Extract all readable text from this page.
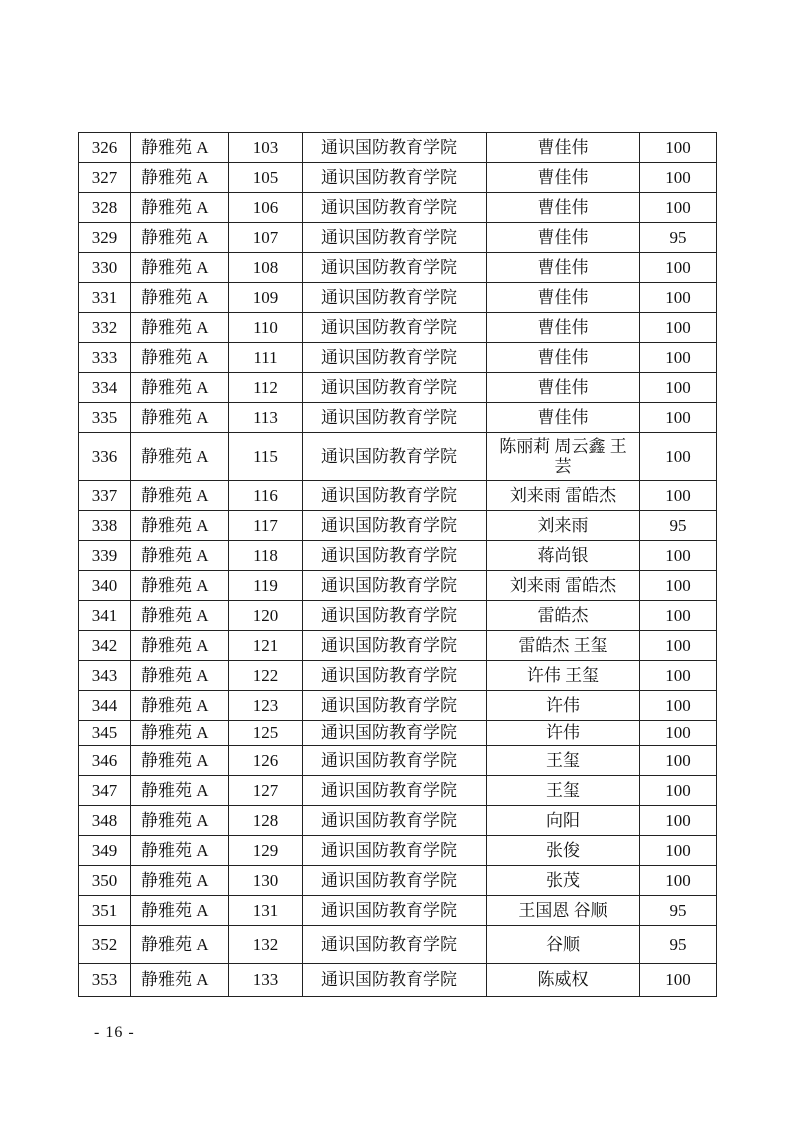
326	静雅苑 A	103	通识国防教育学院	曹佳伟	100
327	静雅苑 A	105	通识国防教育学院	曹佳伟	100
328	静雅苑 A	106	通识国防教育学院	曹佳伟	100
329	静雅苑 A	107	通识国防教育学院	曹佳伟	95
330	静雅苑 A	108	通识国防教育学院	曹佳伟	100
331	静雅苑 A	109	通识国防教育学院	曹佳伟	100
332	静雅苑 A	110	通识国防教育学院	曹佳伟	100
333	静雅苑 A	111	通识国防教育学院	曹佳伟	100
334	静雅苑 A	112	通识国防教育学院	曹佳伟	100
335	静雅苑 A	113	通识国防教育学院	曹佳伟	100
336	静雅苑 A	115	通识国防教育学院	陈丽莉 周云鑫 王芸	100
337	静雅苑 A	116	通识国防教育学院	刘来雨 雷皓杰	100
338	静雅苑 A	117	通识国防教育学院	刘来雨	95
339	静雅苑 A	118	通识国防教育学院	蒋尚银	100
340	静雅苑 A	119	通识国防教育学院	刘来雨 雷皓杰	100
341	静雅苑 A	120	通识国防教育学院	雷皓杰	100
342	静雅苑 A	121	通识国防教育学院	雷皓杰 王玺	100
343	静雅苑 A	122	通识国防教育学院	许伟 王玺	100
344	静雅苑 A	123	通识国防教育学院	许伟	100
345	静雅苑 A	125	通识国防教育学院	许伟	100
346	静雅苑 A	126	通识国防教育学院	王玺	100
347	静雅苑 A	127	通识国防教育学院	王玺	100
348	静雅苑 A	128	通识国防教育学院	向阳	100
349	静雅苑 A	129	通识国防教育学院	张俊	100
350	静雅苑 A	130	通识国防教育学院	张茂	100
351	静雅苑 A	131	通识国防教育学院	王国恩 谷顺	95
352	静雅苑 A	132	通识国防教育学院	谷顺	95
353	静雅苑 A	133	通识国防教育学院	陈威权	100
- 16 -
